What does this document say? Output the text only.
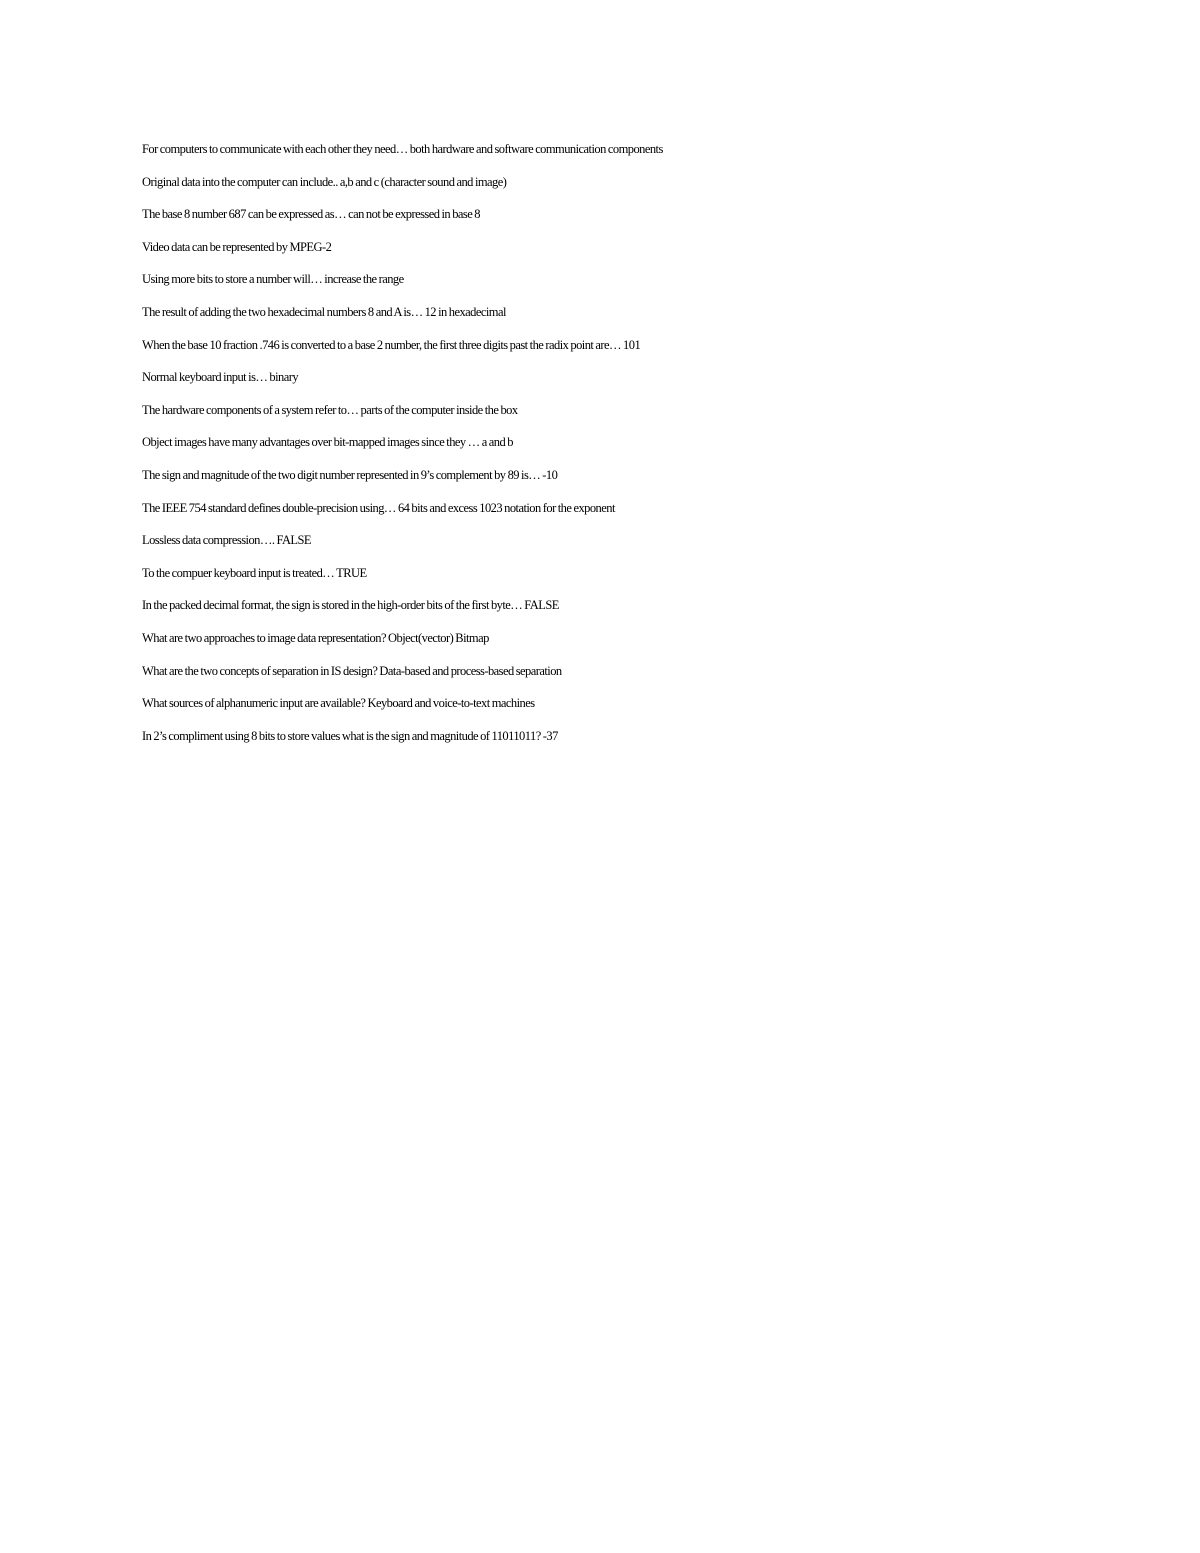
For computers to communicate with each other they need… both hardware and software communication components
Original data into the computer can include.. a,b and c (character sound and image)
The base 8 number 687 can be expressed as… can not be expressed in base 8
Video data can be represented by MPEG-2
Using more bits to store a number will… increase the range
The result of adding the two hexadecimal numbers 8 and A is… 12 in hexadecimal
When the base 10 fraction .746 is converted to a base 2 number, the first three digits past the radix point are… 101
Normal keyboard input is… binary
The hardware components of a system refer to… parts of the computer inside the box
Object images have many advantages over bit-mapped images since they … a and b
The sign and magnitude of the two digit number represented in 9’s complement by 89 is… -10
The IEEE 754 standard defines double-precision using… 64 bits and excess 1023 notation for the exponent
Lossless data compression…. FALSE
To the compuer keyboard input is treated… TRUE
In the packed decimal format, the sign is stored in the high-order bits of the first byte… FALSE
What are two approaches to image data representation? Object(vector) Bitmap
What are the two concepts of separation in IS design? Data-based and process-based separation
What sources of alphanumeric input are available? Keyboard and voice-to-text machines
In 2’s compliment using 8 bits to store values what is the sign and magnitude of 11011011? -37
